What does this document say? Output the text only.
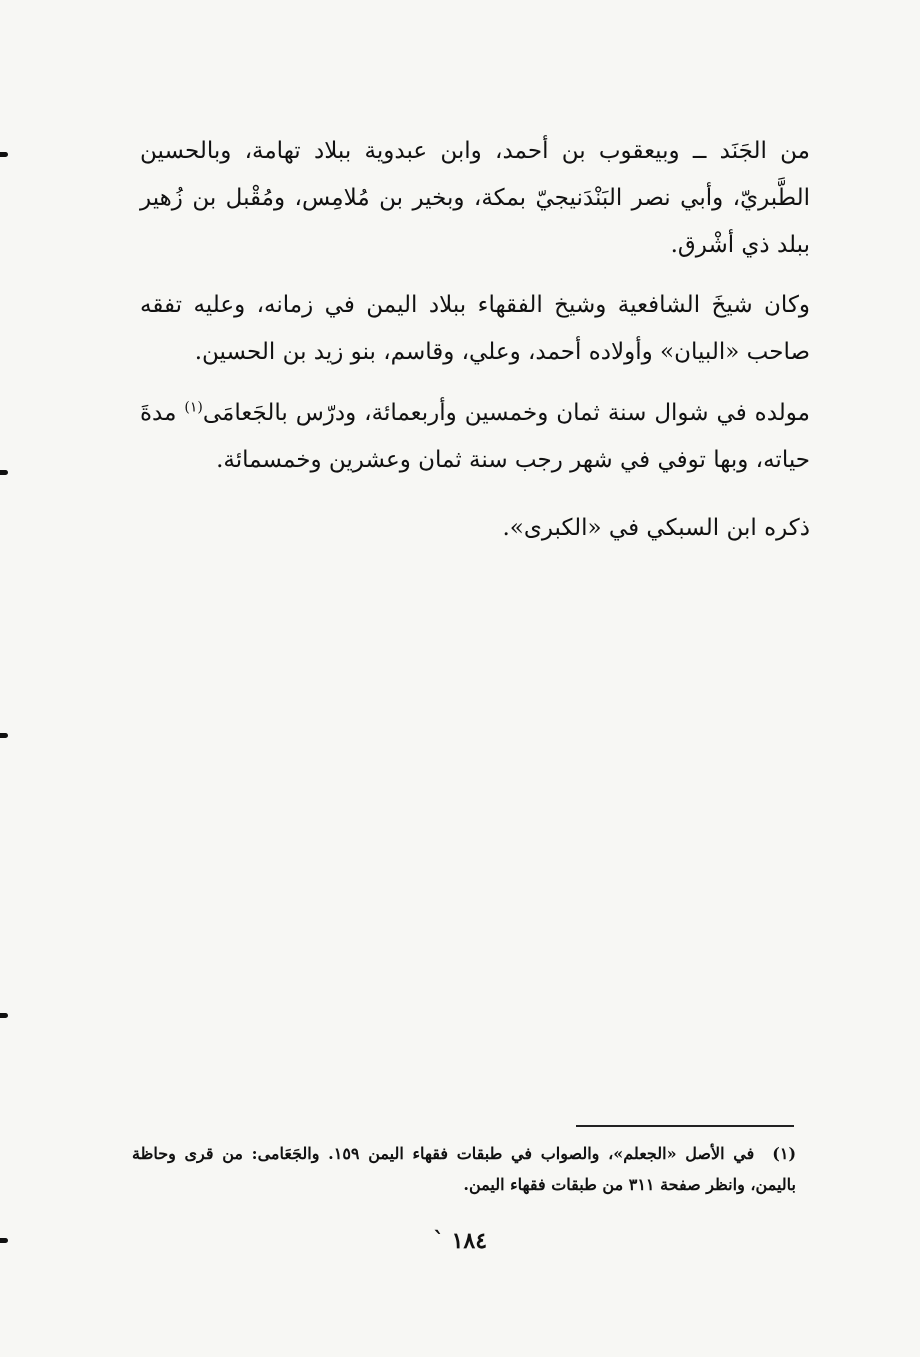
من الجَنَد ــ وبيعقوب بن أحمد، وابن عبدوية ببلاد تهامة، وبالحسين الطَّبريّ، وأبي نصر البَنْدَنيجيّ بمكة، وبخير بن مُلامِس، ومُقْبل بن زُهير ببلد ذي أشْرق.

وكان شيخَ الشافعية وشيخ الفقهاء ببلاد اليمن في زمانه، وعليه تفقه صاحب «البيان» وأولاده أحمد، وعلي، وقاسم، بنو زيد بن الحسين.

مولده في شوال سنة ثمان وخمسين وأربعمائة، ودرّس بالجَعامَى$^{(١)}$ مدةَ حياته، وبها توفي في شهر رجب سنة ثمان وعشرين وخمسمائة.

ذكره ابن السبكي في «الكبرى».

(١)في الأصل «الجعلم»، والصواب في طبقات فقهاء اليمن ١٥٩. والجَعَامى: من قرى وحاظة باليمن، وانظر صفحة ٣١١ من طبقات فقهاء اليمن.

١٨٤ `
